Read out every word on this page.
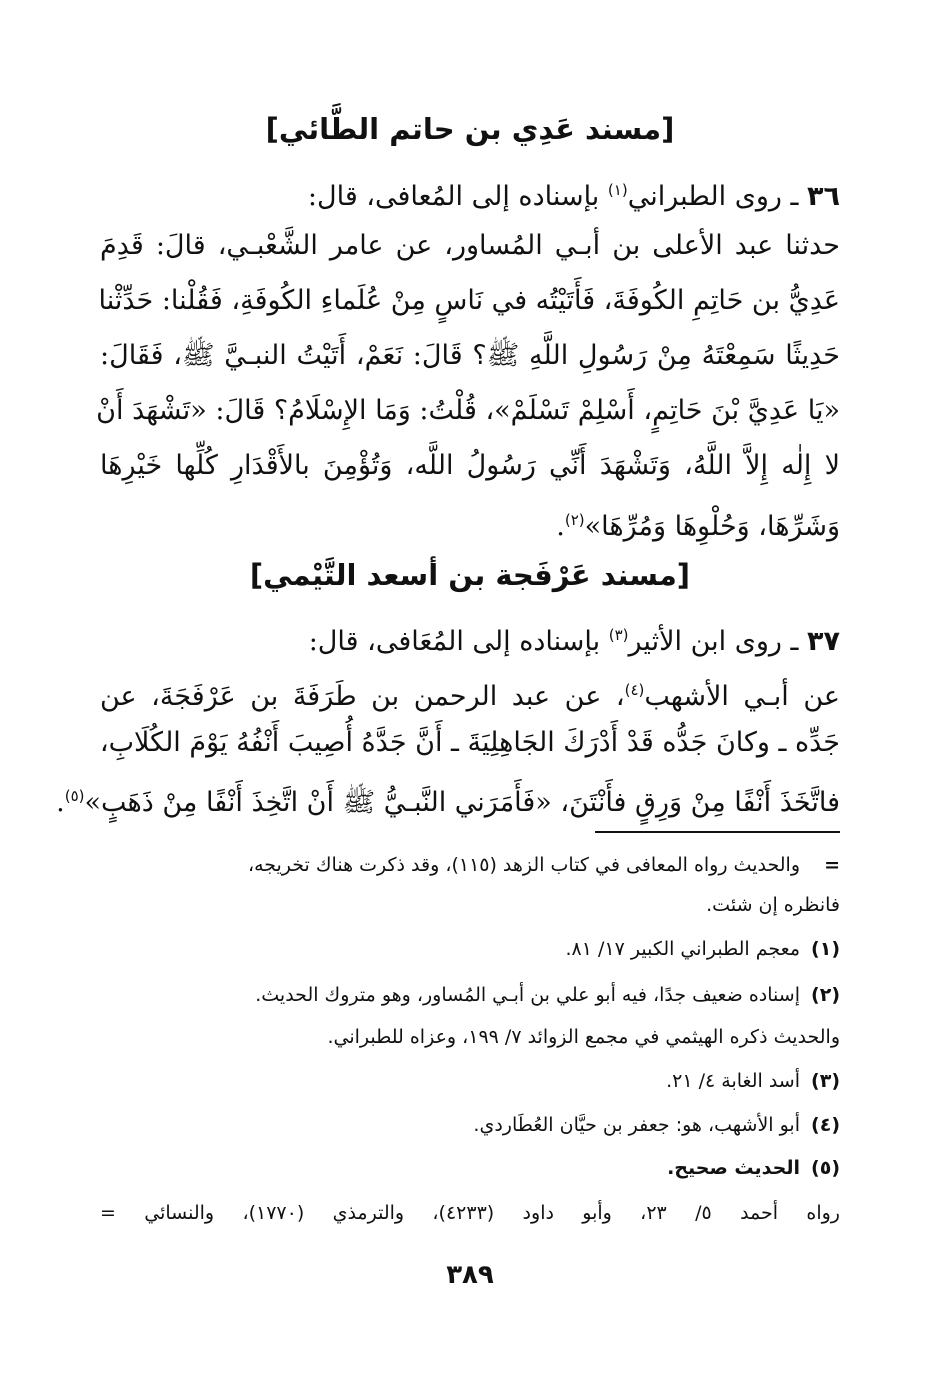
[مسند عَدِي بن حاتم الطَّائي]
٣٦ ـ روى الطبراني$^{(١)}$ بإسناده إلى المُعافى، قال:
حدثنا عبد الأعلى بن أبـي المُساور، عن عامر الشَّعْبـي، قالَ: قَدِمَ
عَدِيُّ بن حَاتِمِ الكُوفَةَ، فَأَتَيْتُه في نَاسٍ مِنْ عُلَماءِ الكُوفَةِ، فَقُلْنا: حَدِّثْنا
حَدِيثًا سَمِعْتَهُ مِنْ رَسُولِ اللَّهِ ﷺ؟ قَالَ: نَعَمْ، أَتَيْتُ النبـيَّ ﷺ، فَقَالَ:
«يَا عَدِيَّ بْنَ حَاتِمٍ، أَسْلِمْ تَسْلَمْ»، قُلْتُ: وَمَا الإِسْلَامُ؟ قَالَ: «تَشْهَدَ أَنْ
لا إِلٰه إِلاَّ اللَّهُ، وَتَشْهَدَ أَنِّي رَسُولُ اللَّه، وَتُؤْمِنَ بالأَقْدَارِ كُلِّها خَيْرِهَا
وَشَرِّهَا، وَحُلْوِهَا وَمُرِّهَا»$^{(٢)}$.
[مسند عَرْفَجة بن أسعد التَّيْمي]
٣٧ ـ روى ابن الأثير$^{(٣)}$ بإسناده إلى المُعَافى، قال:
عن أبـي الأشهب$^{(٤)}$، عن عبد الرحمن بن طَرَفَةَ بن عَرْفَجَةَ، عن
جَدِّه ـ وكانَ جَدُّه قَدْ أَدْرَكَ الجَاهِلِيَةَ ـ أَنَّ جَدَّهُ أُصِيبَ أَنْفُهُ يَوْمَ الكُلَابِ،
فاتَّخَذَ أَنْفًا مِنْ وَرِقٍ فأَنْتَنَ، «فَأَمَرَني النَّبـيُّ ﷺ أَنْ اتَّخِذَ أَنْفًا مِنْ ذَهَبٍ»$^{(٥)}$.
=والحديث رواه المعافى في كتاب الزهد (١١٥)، وقد ذكرت هناك تخريجه،
فانظره إن شئت.
(١)معجم الطبراني الكبير ١٧/ ٨١.
(٢)إسناده ضعيف جدًا، فيه أبو علي بن أبـي المُساور، وهو متروك الحديث.
والحديث ذكره الهيثمي في مجمع الزوائد ٧/ ١٩٩، وعزاه للطبراني.
(٣)أسد الغابة ٤/ ٢١.
(٤)أبو الأشهب، هو: جعفر بن حيَّان العُطَاردي.
(٥)الحديث صحيح.
رواه أحمد ٥/ ٢٣، وأبو داود (٤٢٣٣)، والترمذي (١٧٧٠)، والنسائي =
٣٨٩
